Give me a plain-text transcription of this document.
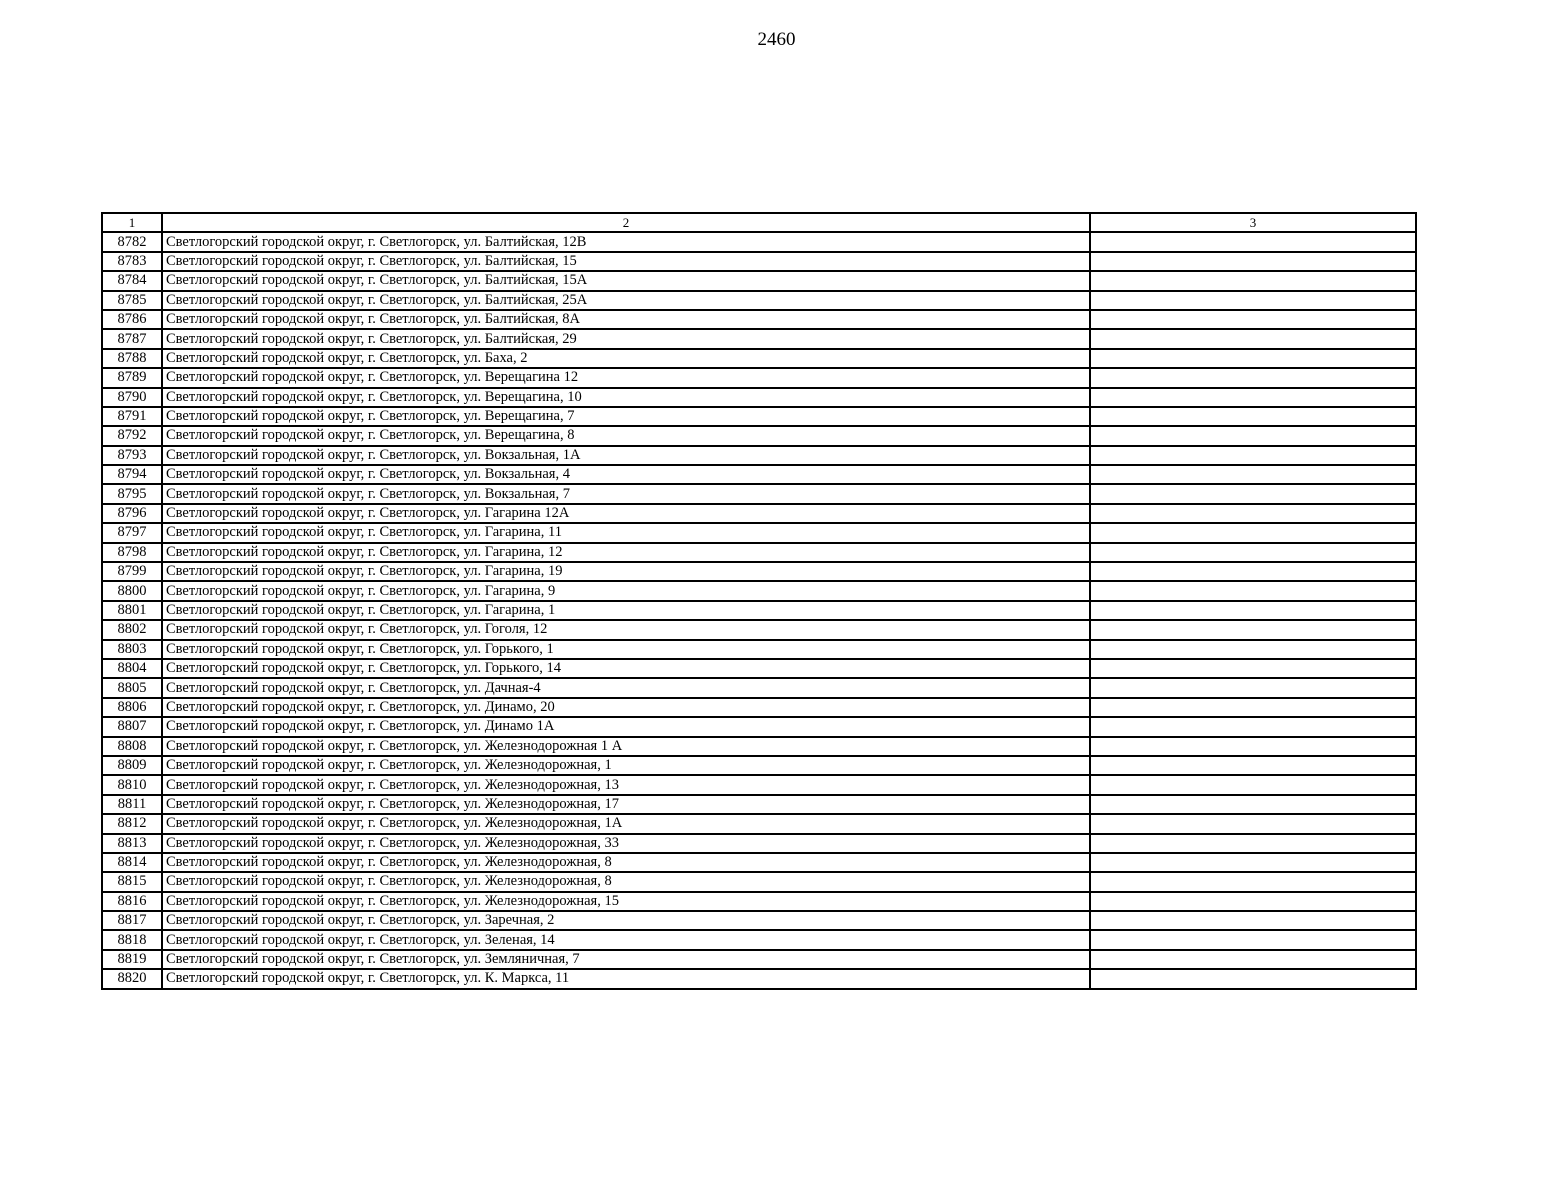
2460
1	2	3
8782	Светлогорский городской округ, г. Светлогорск, ул. Балтийская, 12В	
8783	Светлогорский городской округ, г. Светлогорск, ул. Балтийская, 15	
8784	Светлогорский городской округ, г. Светлогорск, ул. Балтийская, 15А	
8785	Светлогорский городской округ, г. Светлогорск, ул. Балтийская, 25А	
8786	Светлогорский городской округ, г. Светлогорск, ул. Балтийская, 8А	
8787	Светлогорский городской округ, г. Светлогорск, ул. Балтийская, 29	
8788	Светлогорский городской округ, г. Светлогорск, ул. Баха, 2	
8789	Светлогорский городской округ, г. Светлогорск, ул. Верещагина 12	
8790	Светлогорский городской округ, г. Светлогорск, ул. Верещагина, 10	
8791	Светлогорский городской округ, г. Светлогорск, ул. Верещагина, 7	
8792	Светлогорский городской округ, г. Светлогорск, ул. Верещагина, 8	
8793	Светлогорский городской округ, г. Светлогорск, ул. Вокзальная, 1А	
8794	Светлогорский городской округ, г. Светлогорск, ул. Вокзальная, 4	
8795	Светлогорский городской округ, г. Светлогорск, ул. Вокзальная, 7	
8796	Светлогорский городской округ, г. Светлогорск, ул. Гагарина 12А	
8797	Светлогорский городской округ, г. Светлогорск, ул. Гагарина, 11	
8798	Светлогорский городской округ, г. Светлогорск, ул. Гагарина, 12	
8799	Светлогорский городской округ, г. Светлогорск, ул. Гагарина, 19	
8800	Светлогорский городской округ, г. Светлогорск, ул. Гагарина, 9	
8801	Светлогорский городской округ, г. Светлогорск, ул. Гагарина, 1	
8802	Светлогорский городской округ, г. Светлогорск, ул. Гоголя, 12	
8803	Светлогорский городской округ, г. Светлогорск, ул. Горького, 1	
8804	Светлогорский городской округ, г. Светлогорск, ул. Горького, 14	
8805	Светлогорский городской округ, г. Светлогорск, ул. Дачная-4	
8806	Светлогорский городской округ, г. Светлогорск, ул. Динамо, 20	
8807	Светлогорский городской округ, г. Светлогорск, ул. Динамо 1А	
8808	Светлогорский городской округ, г. Светлогорск, ул. Железнодорожная 1 А	
8809	Светлогорский городской округ, г. Светлогорск, ул. Железнодорожная, 1	
8810	Светлогорский городской округ, г. Светлогорск, ул. Железнодорожная, 13	
8811	Светлогорский городской округ, г. Светлогорск, ул. Железнодорожная, 17	
8812	Светлогорский городской округ, г. Светлогорск, ул. Железнодорожная, 1А	
8813	Светлогорский городской округ, г. Светлогорск, ул. Железнодорожная, 33	
8814	Светлогорский городской округ, г. Светлогорск, ул. Железнодорожная, 8	
8815	Светлогорский городской округ, г. Светлогорск, ул. Железнодорожная, 8	
8816	Светлогорский городской округ, г. Светлогорск, ул. Железнодорожная, 15	
8817	Светлогорский городской округ, г. Светлогорск, ул. Заречная, 2	
8818	Светлогорский городской округ, г. Светлогорск, ул. Зеленая, 14	
8819	Светлогорский городской округ, г. Светлогорск, ул. Земляничная, 7	
8820	Светлогорский городской округ, г. Светлогорск, ул. К. Маркса, 11	
